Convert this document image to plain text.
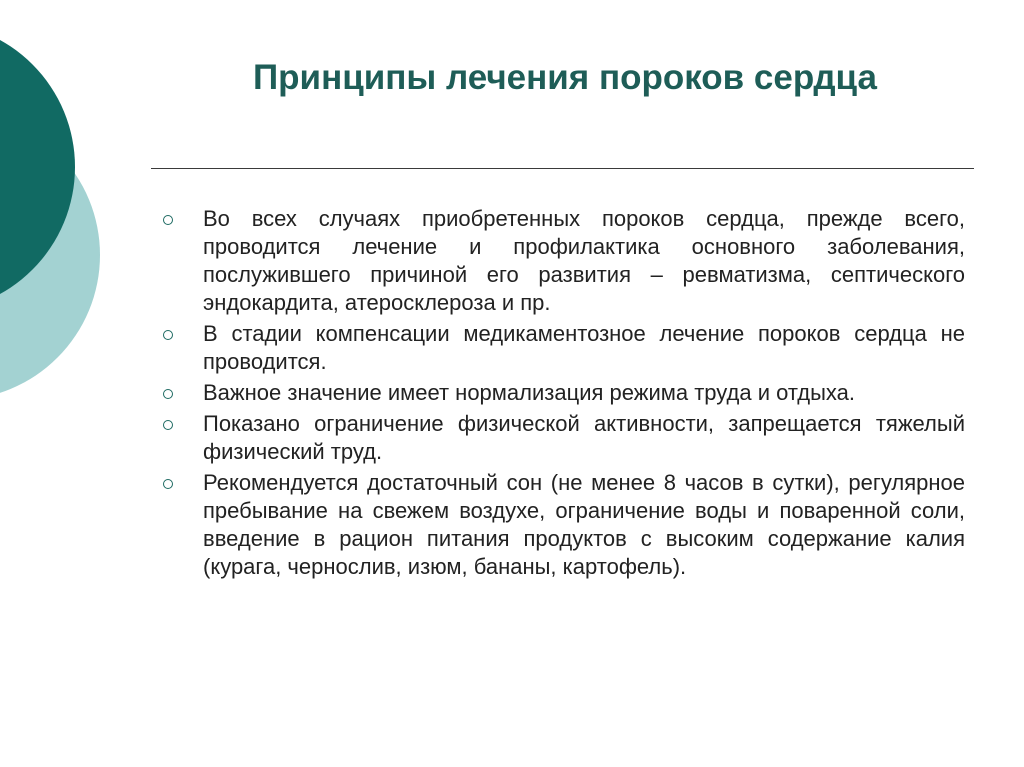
Принципы лечения пороков сердца
Во всех случаях приобретенных пороков сердца, прежде всего, проводится лечение и профилактика основного заболевания, послужившего причиной его развития – ревматизма, септического эндокардита, атеросклероза и пр.
В стадии компенсации медикаментозное лечение пороков сердца не проводится.
Важное значение имеет нормализация режима труда и отдыха.
Показано ограничение физической активности, запрещается тяжелый физический труд.
Рекомендуется достаточный сон (не менее 8 часов в сутки), регулярное пребывание на свежем воздухе, ограничение воды и поваренной соли, введение в рацион питания продуктов с высоким содержание калия (курага, чернослив, изюм, бананы, картофель).
